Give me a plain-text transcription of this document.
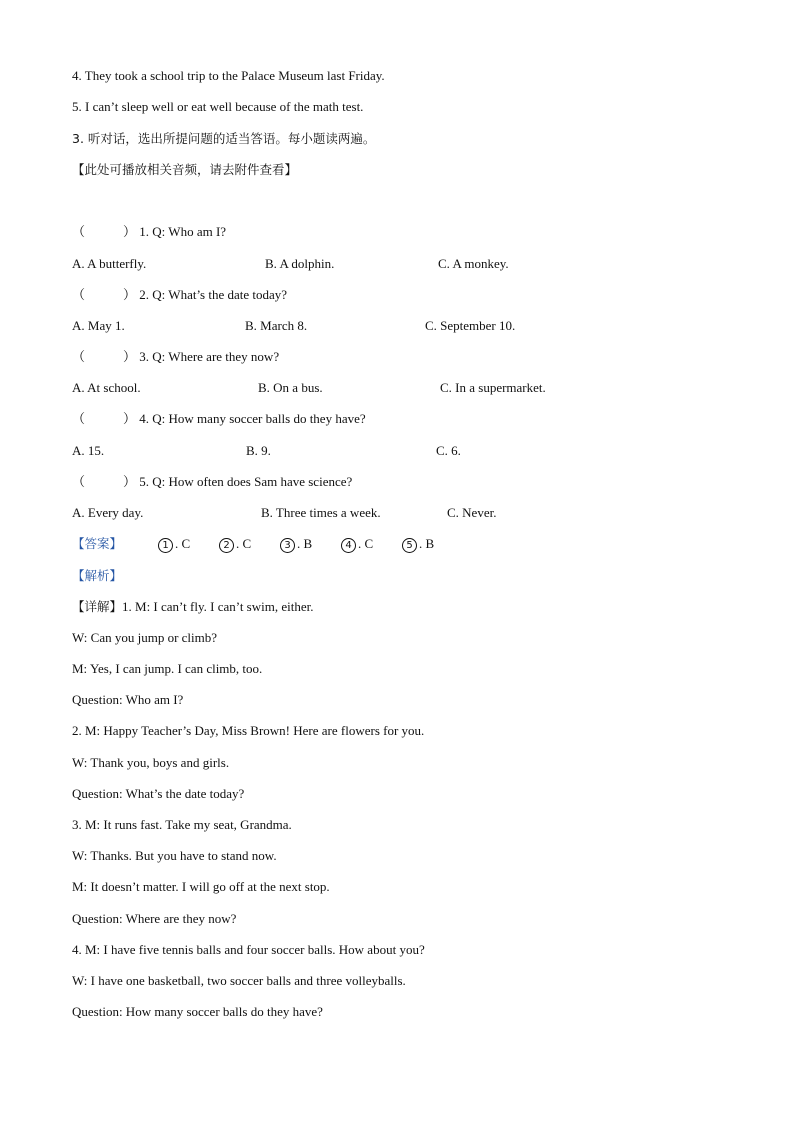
4. They took a school trip to the Palace Museum last Friday.
5. I can’t sleep well or eat well because of the math test.
3. 听对话，选出所提问题的适当答语。每小题读两遍。
【此处可播放相关音频，请去附件查看】
（	） 1. Q: Who am I?
A. A butterfly.	B. A dolphin.	C. A monkey.
（	） 2. Q: What’s the date today?
A. May 1.	B. March 8.	C. September 10.
（	） 3. Q: Where are they now?
A. At school.	B. On a bus.	C. In a supermarket.
（	） 4. Q: How many soccer balls do they have?
A. 15.	B. 9.	C. 6.
（	） 5. Q: How often does Sam have science?
A. Every day.	B. Three times a week.	C. Never.
【答案】	1 . C	2 . C	3 . B	4 . C	5 . B
【解析】
【详解】1. M: I can’t fly. I can’t swim, either.
W: Can you jump or climb?
M: Yes, I can jump. I can climb, too.
Question: Who am I?
2. M: Happy Teacher’s Day, Miss Brown! Here are flowers for you.
W: Thank you, boys and girls.
Question: What’s the date today?
3. M: It runs fast. Take my seat, Grandma.
W: Thanks. But you have to stand now.
M: It doesn’t matter. I will go off at the next stop.
Question: Where are they now?
4. M: I have five tennis balls and four soccer balls. How about you?
W: I have one basketball, two soccer balls and three volleyballs.
Question: How many soccer balls do they have?
